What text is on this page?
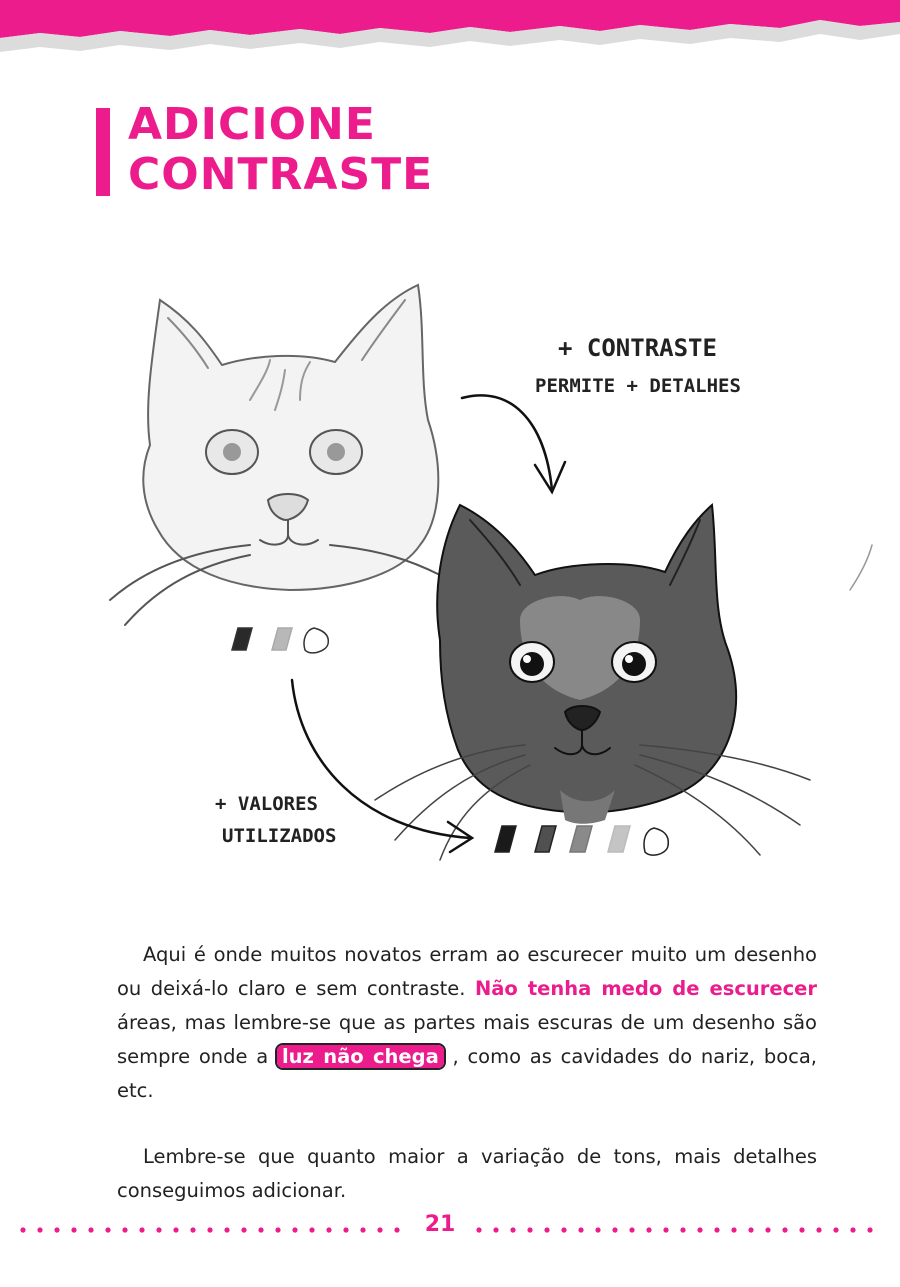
ADICIONE
CONTRASTE
+ CONTRASTE
PERMITE + DETALHES
+ VALORES
UTILIZADOS

Aqui é onde muitos novatos erram ao escurecer muito um desenho ou deixá-lo claro e sem contraste. Não tenha medo de escurecer áreas, mas lembre-se que as partes mais escuras de um desenho são sempre onde a luz não chega , como as cavidades do nariz, boca, etc.

Lembre-se que quanto maior a variação de tons, mais detalhes conseguimos adicionar.

21
